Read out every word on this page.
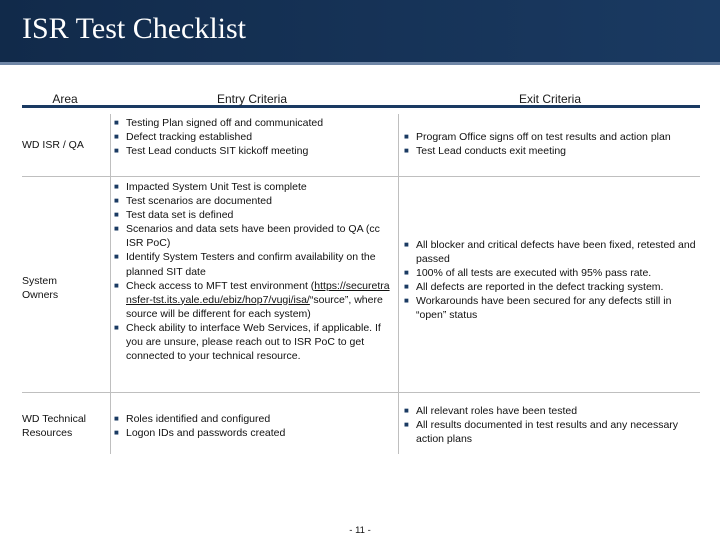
ISR Test Checklist
Area	Entry Criteria	Exit Criteria
WD ISR / QA
■ Testing Plan signed off and communicated
■ Defect tracking established
■ Test Lead conducts SIT kickoff meeting
■ Program Office signs off on test results and action plan
■ Test Lead conducts exit meeting
System Owners
■ Impacted System Unit Test is complete
■ Test scenarios are documented
■ Test data set is defined
■ Scenarios and data sets have been provided to QA (cc ISR PoC)
■ Identify System Testers and confirm availability on the planned SIT date
■ Check access to MFT test environment (https://securetransfer-tst.its.yale.edu/ebiz/hop7/vugi/isa/“source”, where source will be different for each system)
■ Check ability to interface Web Services, if applicable. If you are unsure, please reach out to ISR PoC to get connected to your technical resource.
■ All blocker and critical defects have been fixed, retested and passed
■ 100% of all tests are executed with 95% pass rate.
■ All defects are reported in the defect tracking system.
■ Workarounds have been secured for any defects still in “open” status
WD Technical Resources
■ Roles identified and configured
■ Logon IDs and passwords created
■ All relevant roles have been tested
■ All results documented in test results and any necessary action plans
- 11 -
